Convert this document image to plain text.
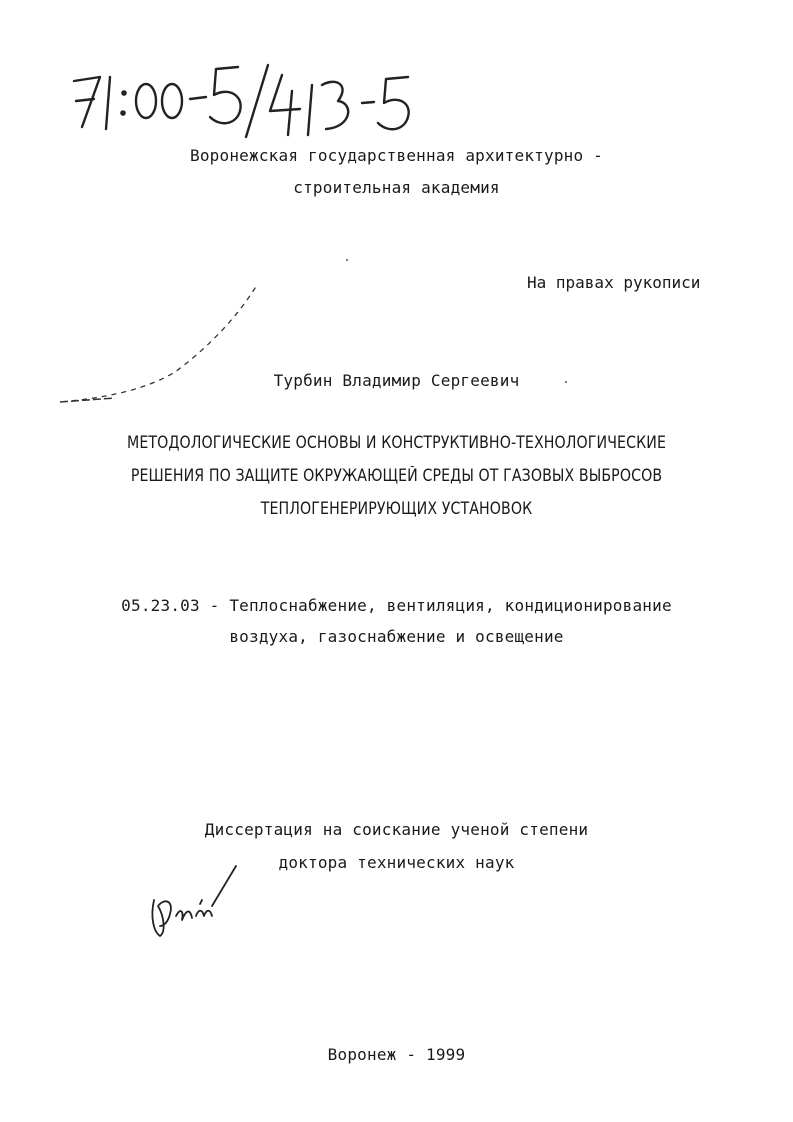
Воронежская государственная архитектурно -
строительная академия
На правах рукописи
Турбин Владимир Сергеевич
МЕТОДОЛОГИЧЕСКИЕ ОСНОВЫ И КОНСТРУКТИВНО-ТЕХНОЛОГИЧЕСКИЕ
РЕШЕНИЯ ПО ЗАЩИТЕ ОКРУЖАЮЩЕЙ СРЕДЫ ОТ ГАЗОВЫХ ВЫБРОСОВ
ТЕПЛОГЕНЕРИРУЮЩИХ УСТАНОВОК
05.23.03 - Теплоснабжение, вентиляция, кондиционирование
воздуха, газоснабжение и освещение
Диссертация на соискание ученой степени
доктора технических наук
Воронеж - 1999
